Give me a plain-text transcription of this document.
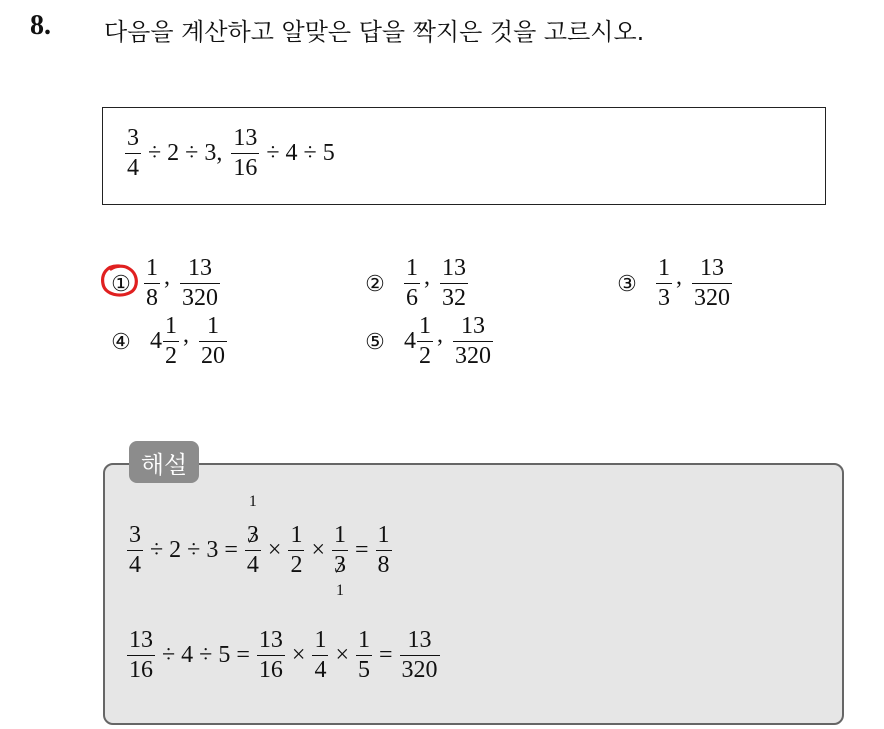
8. 다음을 계산하고 알맞은 답을 짝지은 것을 고르시오.
$\frac{3}{4} \div 2 \div 3$, $\frac{13}{16} \div 4 \div 5$
① $\frac{1}{8}$ , $\frac{13}{320}$	② $\frac{1}{6}$ , $\frac{13}{32}$	③ $\frac{1}{3}$ , $\frac{13}{320}$
④ $4 \frac{1}{2}$ , $\frac{1}{20}$	⑤ $4 \frac{1}{2}$ , $\frac{13}{320}$
$\frac{3}{4} \div 2 \div 3$ =
1
3
4
× $\frac{1}{2}$ ×
1
3
1
= $\frac{1}{8}$
$\frac{13}{16} \div 4 \div 5 = \frac{13}{16} \times \frac{1}{4} \times \frac{1}{5} = \frac{13}{320}$
해설
